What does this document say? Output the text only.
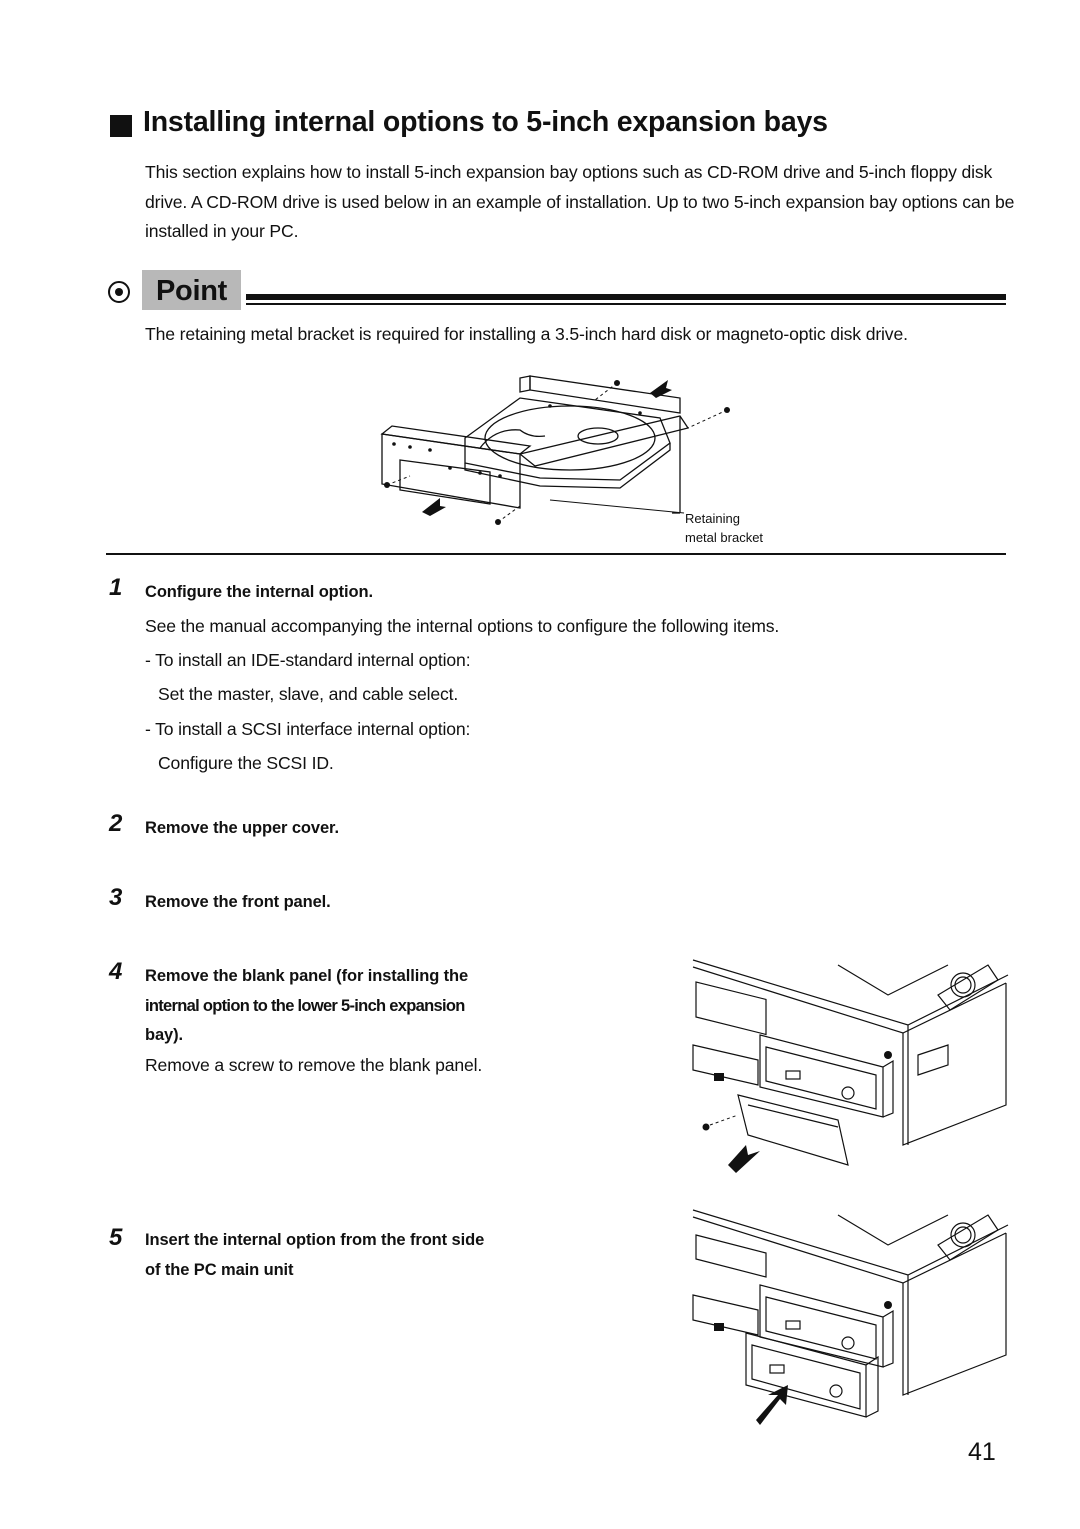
Installing internal options to 5-inch expansion bays
This section explains how to install 5-inch expansion bay options such as CD-ROM drive and 5-inch floppy disk drive. A CD-ROM drive is used below in an example of installation. Up to two 5-inch expansion bay options can be installed in your PC.
Point
The retaining metal bracket is required for installing a 3.5-inch hard disk or magneto-optic disk drive.
Retaining
metal bracket
1 Configure the internal option.
See the manual accompanying the internal options to configure the following items.
- To install an IDE-standard internal option:
Set the master, slave, and cable select.
- To install a SCSI interface internal option:
Configure the SCSI ID.
2 Remove the upper cover.
3 Remove the front panel.
4 Remove the blank panel (for installing the
internal option to the lower 5-inch expansion
bay).
Remove a screw to remove the blank panel.
5 Insert the internal option from the front side
of the PC main unit
41
